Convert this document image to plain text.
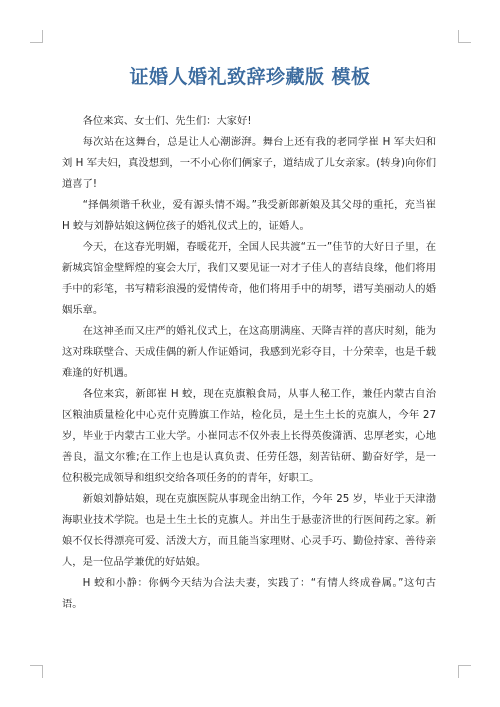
证婚人婚礼致辞珍藏版 模板

各位来宾、女士们、先生们：大家好!

每次站在这舞台，总是让人心潮澎湃。舞台上还有我的老同学崔 H 军夫妇和刘 H 军夫妇，真没想到，一不小心你们俩家子，道结成了儿女亲家。(转身)向你们道喜了!

“择偶须谐千秋业，爱有源头情不竭。”我受新郎新娘及其父母的重托，充当崔 H 蛟与刘静姑娘这俩位孩子的婚礼仪式上的，证婚人。

今天，在这春光明媚，春暖花开，全国人民共渡“五一”佳节的大好日子里，在新城宾馆金壁辉煌的宴会大厅，我们又要见证一对才子佳人的喜结良缘，他们将用手中的彩笔，书写精彩浪漫的爱情传奇，他们将用手中的胡琴，谱写美丽动人的婚姻乐章。

在这神圣而又庄严的婚礼仪式上，在这高朋满座、天降吉祥的喜庆时刻，能为这对珠联壁合、天成佳偶的新人作证婚词，我感到光彩夺目，十分荣幸，也是千载难逢的好机遇。

各位来宾，新郎崔 H 蛟，现在克旗粮食局，从事人秘工作，兼任内蒙古自治区粮油质量检化中心克什克腾旗工作站，检化员，是土生土长的克旗人，今年 27 岁，毕业于内蒙古工业大学。小崔同志不仅外表上长得英俊潇洒、忠厚老实，心地善良，温文尔雅;在工作上也是认真负责、任劳任怨，刻苦钻研、勤奋好学，是一位积极完成领导和组织交给各项任务的的青年，好职工。

新娘刘静姑娘，现在克旗医院从事现金出纳工作，今年 25 岁，毕业于天津渤海职业技术学院。也是土生土长的克旗人。并出生于悬壶济世的行医间药之家。新娘不仅长得漂亮可爱、活泼大方，而且能当家理财、心灵手巧、勤俭持家、善待亲人，是一位品学兼优的好姑娘。

H 蛟和小静：你俩今天结为合法夫妻，实践了：“有情人终成眷属。”这句古语。
